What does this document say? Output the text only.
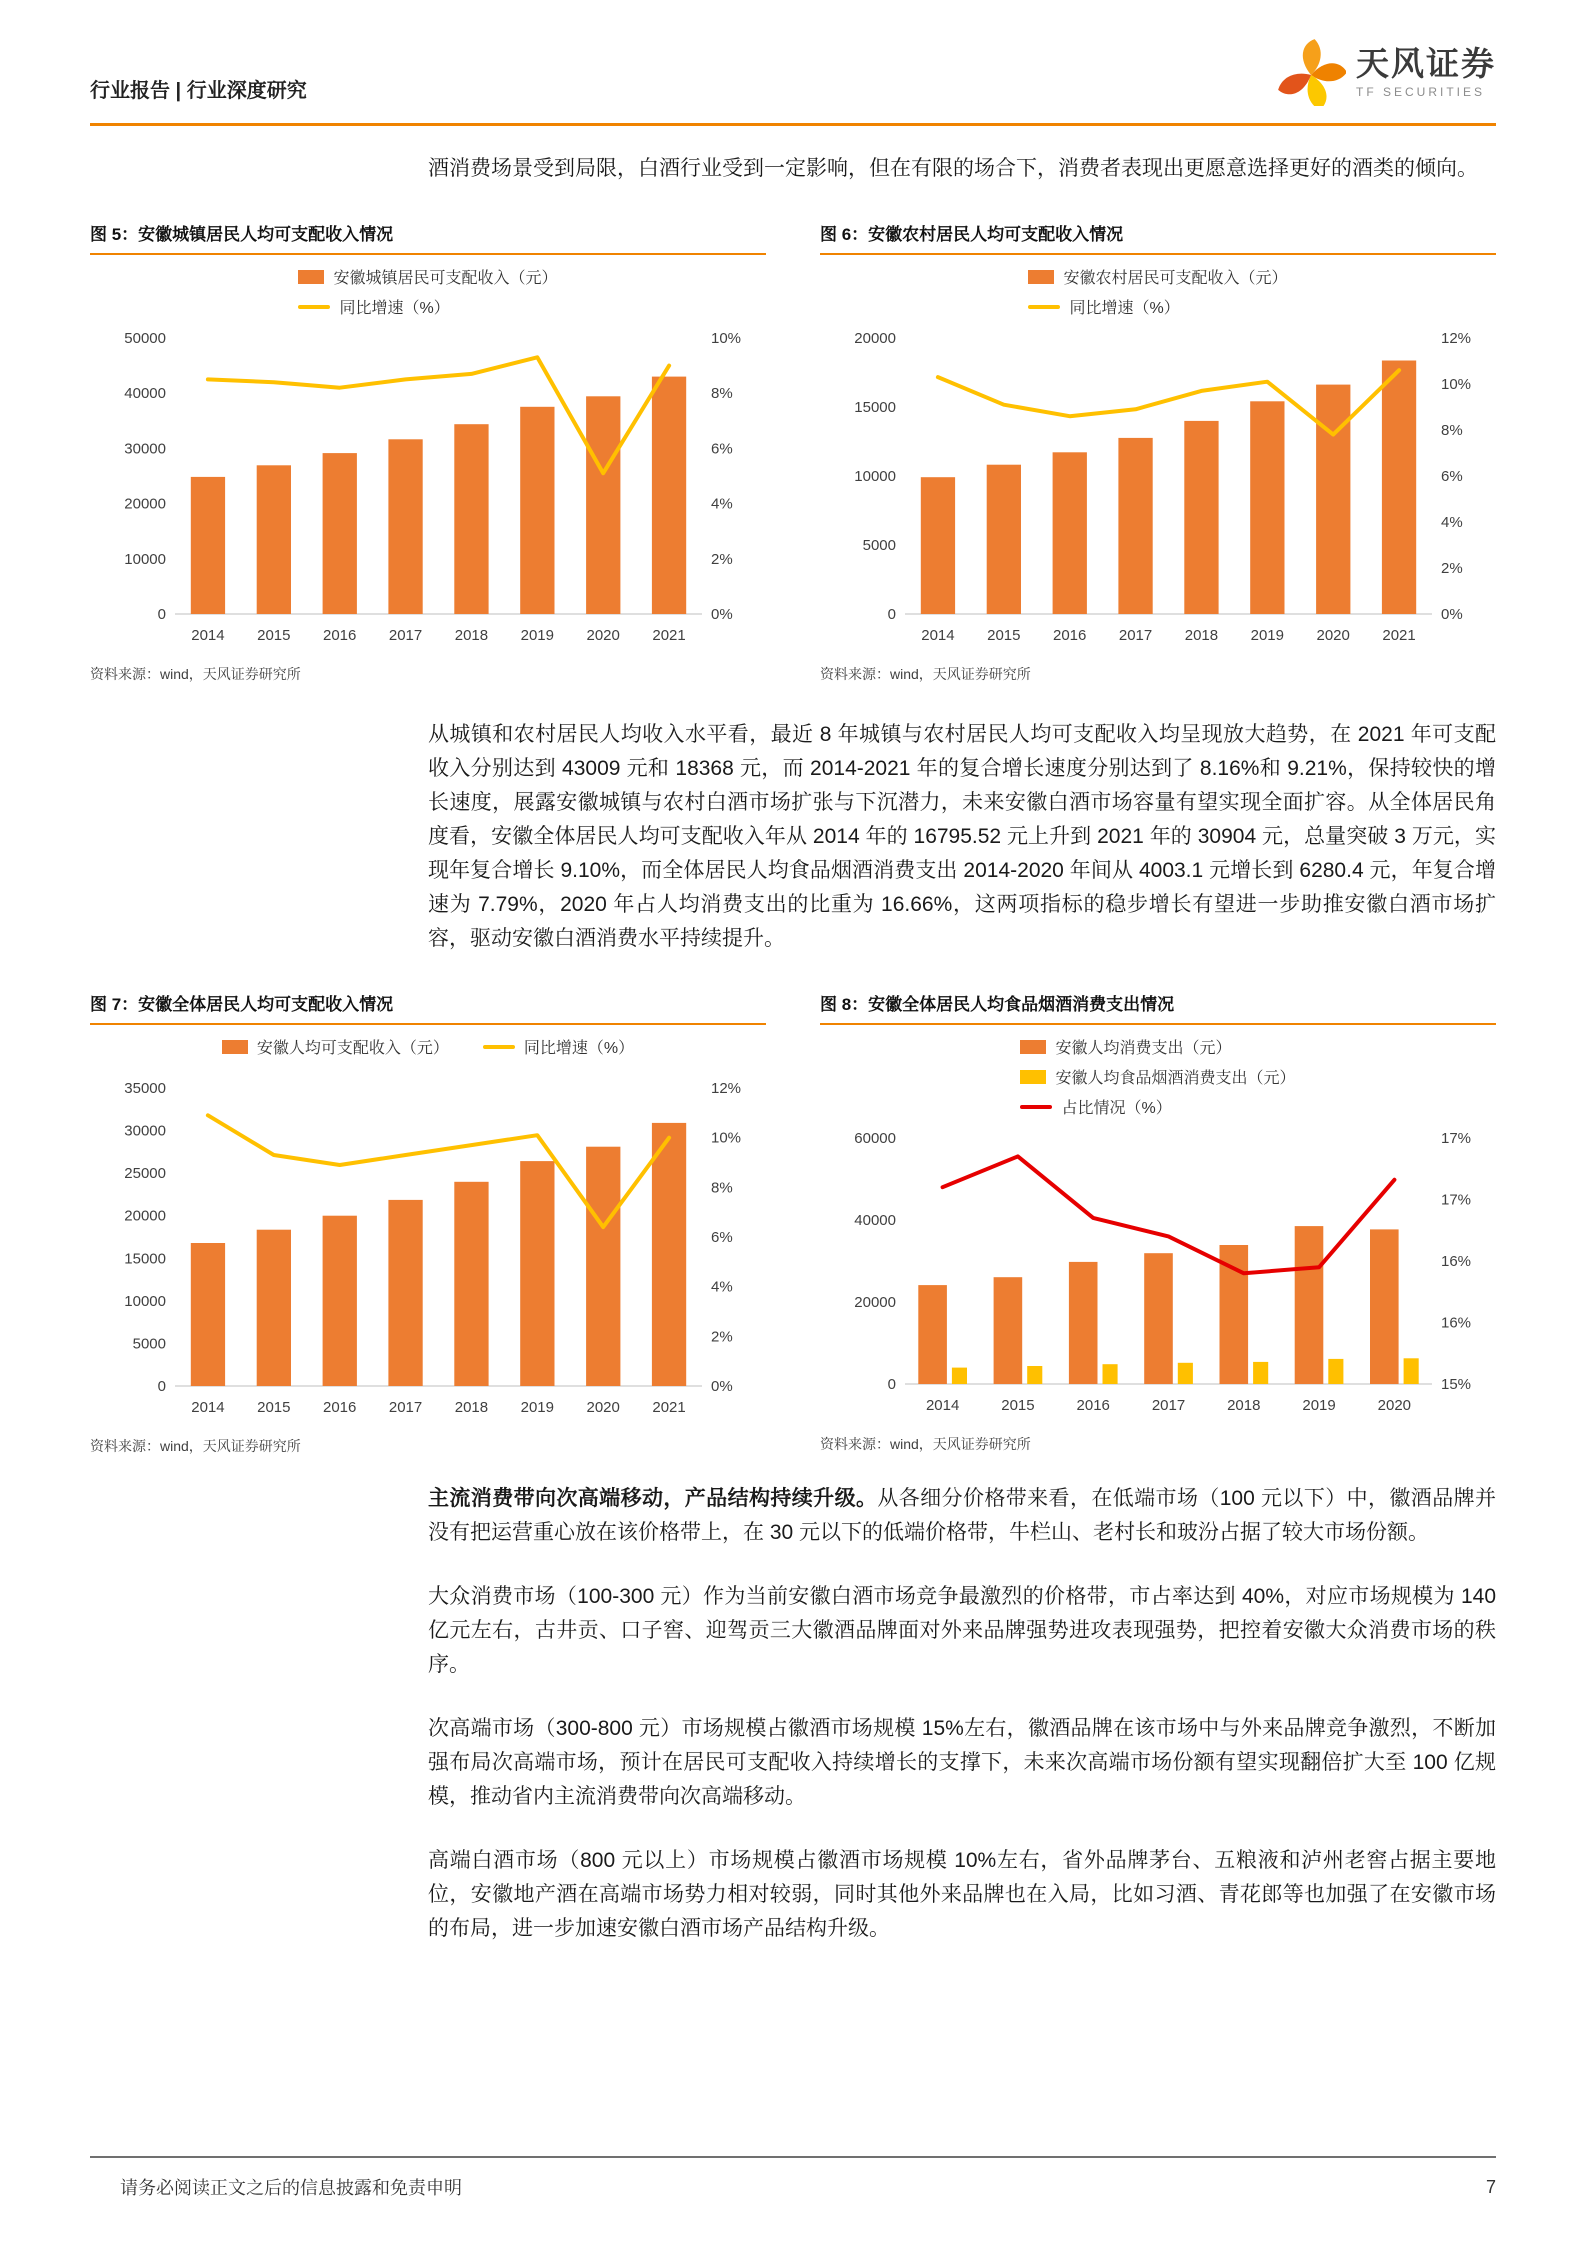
行业报告 | 行业深度研究
天风证券
TF SECURITIES

酒消费场景受到局限，白酒行业受到一定影响，但在有限的场合下，消费者表现出更愿意选择更好的酒类的倾向。

图 5：安徽城镇居民人均可支配收入情况
安徽城镇居民可支配收入（元）
同比增速（%）
0
10000
20000
30000
40000
50000
0%
2%
4%
6%
8%
10%
2014 2015 2016 2017 2018 2019 2020 2021
资料来源：wind，天风证券研究所
图 6：安徽农村居民人均可支配收入情况
安徽农村居民可支配收入（元）
同比增速（%）
0
5000
10000
15000
20000
0%
2%
4%
6%
8%
10%
12%
2014 2015 2016 2017 2018 2019 2020 2021
资料来源：wind，天风证券研究所

从城镇和农村居民人均收入水平看，最近 8 年城镇与农村居民人均可支配收入均呈现放大趋势，在 2021 年可支配收入分别达到 43009 元和 18368 元，而 2014-2021 年的复合增长速度分别达到了 8.16%和 9.21%，保持较快的增长速度，展露安徽城镇与农村白酒市场扩张与下沉潜力，未来安徽白酒市场容量有望实现全面扩容。从全体居民角度看，安徽全体居民人均可支配收入年从 2014 年的 16795.52 元上升到 2021 年的 30904 元，总量突破 3 万元，实现年复合增长 9.10%，而全体居民人均食品烟酒消费支出 2014-2020 年间从 4003.1 元增长到 6280.4 元，年复合增速为 7.79%，2020 年占人均消费支出的比重为 16.66%，这两项指标的稳步增长有望进一步助推安徽白酒市场扩容，驱动安徽白酒消费水平持续提升。

图 7：安徽全体居民人均可支配收入情况
安徽人均可支配收入（元）	同比增速（%）
0
5000
10000
15000
20000
25000
30000
35000
0%
2%
4%
6%
8%
10%
12%
2014 2015 2016 2017 2018 2019 2020 2021
资料来源：wind，天风证券研究所
图 8：安徽全体居民人均食品烟酒消费支出情况
安徽人均消费支出（元）
安徽人均食品烟酒消费支出（元）
占比情况（%）
0
20000
40000
60000
15%
16%
16%
17%
17%
2014	2015	2016	2017	2018	2019	2020
资料来源：wind，天风证券研究所

主流消费带向次高端移动，产品结构持续升级。从各细分价格带来看，在低端市场（100 元以下）中，徽酒品牌并没有把运营重心放在该价格带上，在 30 元以下的低端价格带，牛栏山、老村长和玻汾占据了较大市场份额。

大众消费市场（100-300 元）作为当前安徽白酒市场竞争最激烈的价格带，市占率达到 40%，对应市场规模为 140 亿元左右，古井贡、口子窖、迎驾贡三大徽酒品牌面对外来品牌强势进攻表现强势，把控着安徽大众消费市场的秩序。

次高端市场（300-800 元）市场规模占徽酒市场规模 15%左右，徽酒品牌在该市场中与外来品牌竞争激烈，不断加强布局次高端市场，预计在居民可支配收入持续增长的支撑下，未来次高端市场份额有望实现翻倍扩大至 100 亿规模，推动省内主流消费带向次高端移动。

高端白酒市场（800 元以上）市场规模占徽酒市场规模 10%左右，省外品牌茅台、五粮液和泸州老窖占据主要地位，安徽地产酒在高端市场势力相对较弱，同时其他外来品牌也在入局，比如习酒、青花郎等也加强了在安徽市场的布局，进一步加速安徽白酒市场产品结构升级。

请务必阅读正文之后的信息披露和免责申明	7
